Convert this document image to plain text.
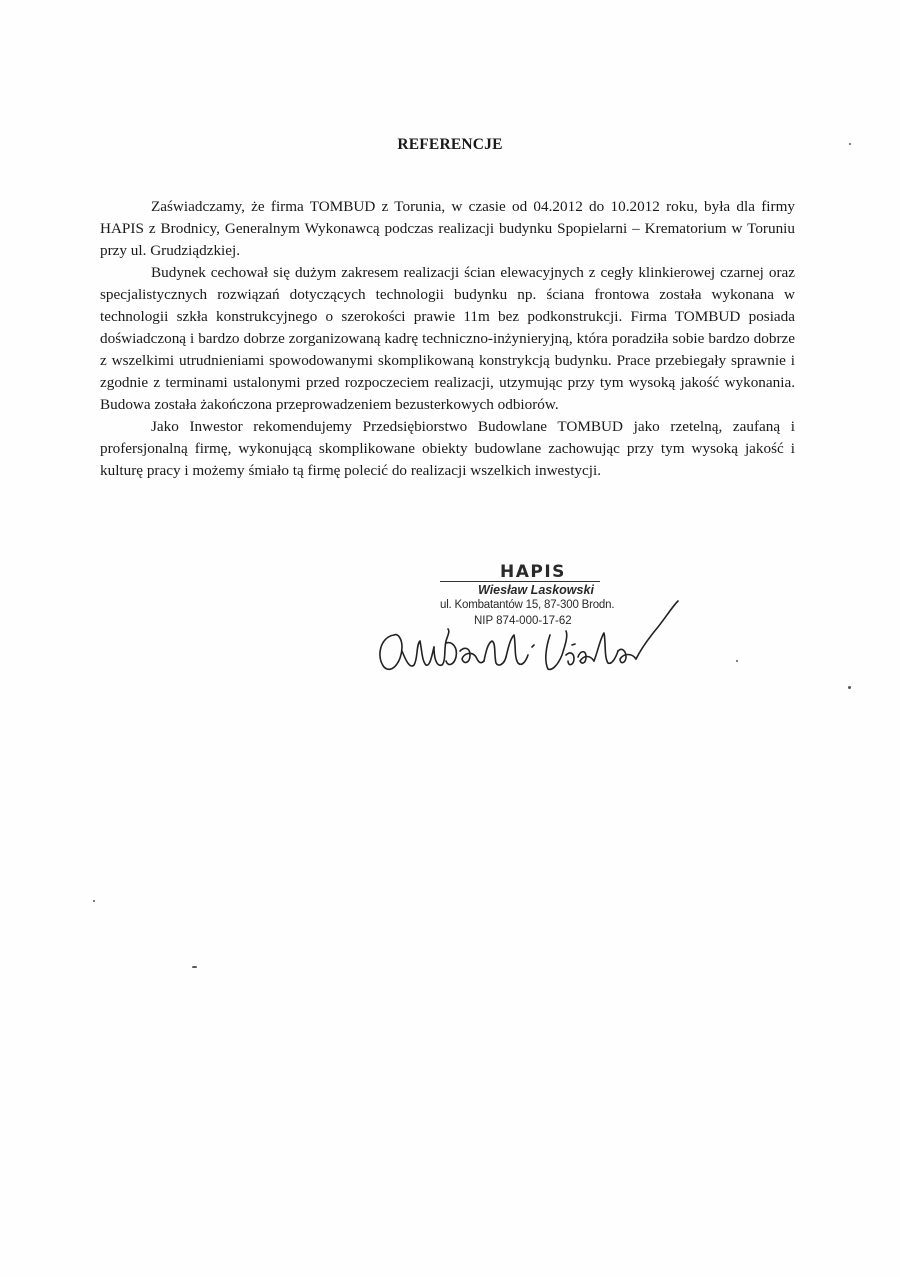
REFERENCJE

Zaświadczamy, że firma TOMBUD z Torunia, w czasie od 04.2012 do 10.2012 roku, była dla firmy HAPIS z Brodnicy, Generalnym Wykonawcą podczas realizacji budynku Spopielarni – Krematorium w Toruniu przy ul. Grudziądzkiej.

Budynek cechował się dużym zakresem realizacji ścian elewacyjnych z cegły klinkierowej czarnej oraz specjalistycznych rozwiązań dotyczących technologii budynku np. ściana frontowa została wykonana w technologii szkła konstrukcyjnego o szerokości prawie 11m bez podkonstrukcji. Firma TOMBUD posiada doświadczoną i bardzo dobrze zorganizowaną kadrę techniczno-inżynieryjną, która poradziła sobie bardzo dobrze z wszelkimi utrudnieniami spowodowanymi skomplikowaną konstrykcją budynku. Prace przebiegały sprawnie i zgodnie z terminami ustalonymi przed rozpoczeciem realizacji, utzymując przy tym wysoką jakość wykonania. Budowa została żakończona przeprowadzeniem bezusterkowych odbiorów.

Jako Inwestor rekomendujemy Przedsiębiorstwo Budowlane TOMBUD jako rzetelną, zaufaną i profersjonalną firmę, wykonującą skomplikowane obiekty budowlane zachowując przy tym wysoką jakość i kulturę pracy i możemy śmiało tą firmę polecić do realizacji wszelkich inwestycji.

HAPIS
Wiesław Laskowski
ul. Kombatantów 15, 87-300 Brodn.
NIP 874-000-17-62
